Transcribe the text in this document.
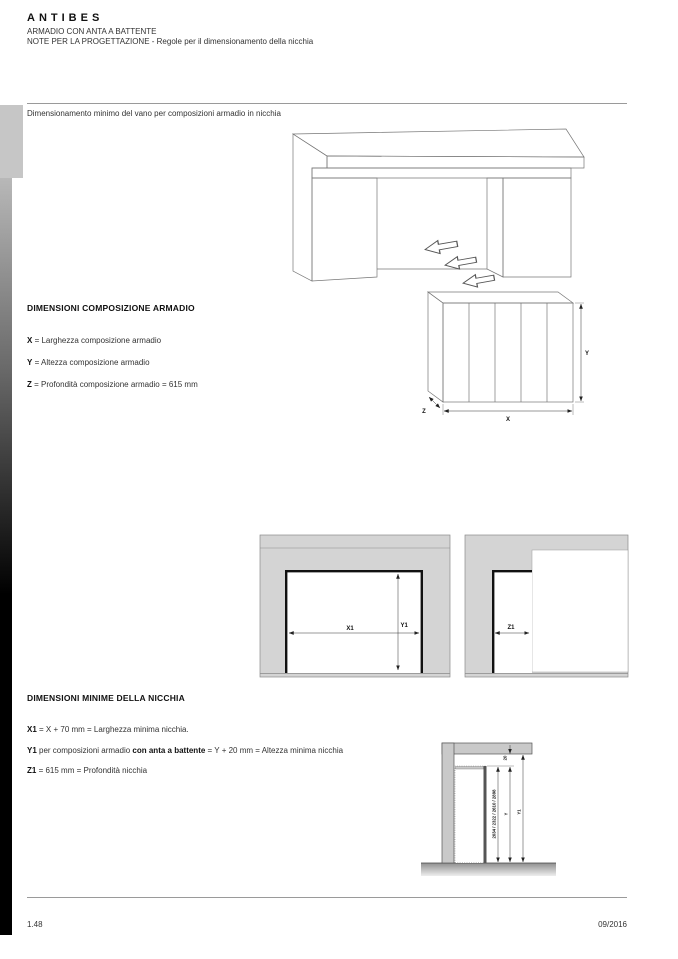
ANTIBES
ARMADIO CON ANTA A BATTENTE
NOTE PER LA PROGETTAZIONE - Regole per il dimensionamento della nicchia
Dimensionamento minimo del vano per composizioni armadio in nicchia
Y
X
Z
DIMENSIONI COMPOSIZIONE ARMADIO
X = Larghezza composizione armadio
Y = Altezza composizione armadio
Z = Profondità composizione armadio = 615 mm
X1	Y1	Z1
DIMENSIONI MINIME DELLA NICCHIA
X1 = X + 70 mm = Larghezza minima nicchia.
Y1 per composizioni armadio con anta a battente = Y + 20 mm = Altezza minima nicchia
Z1 = 615 mm = Profondità nicchia
2034 / 2322 / 2610 / 2898 Y Y1
20
1.48	09/2016
